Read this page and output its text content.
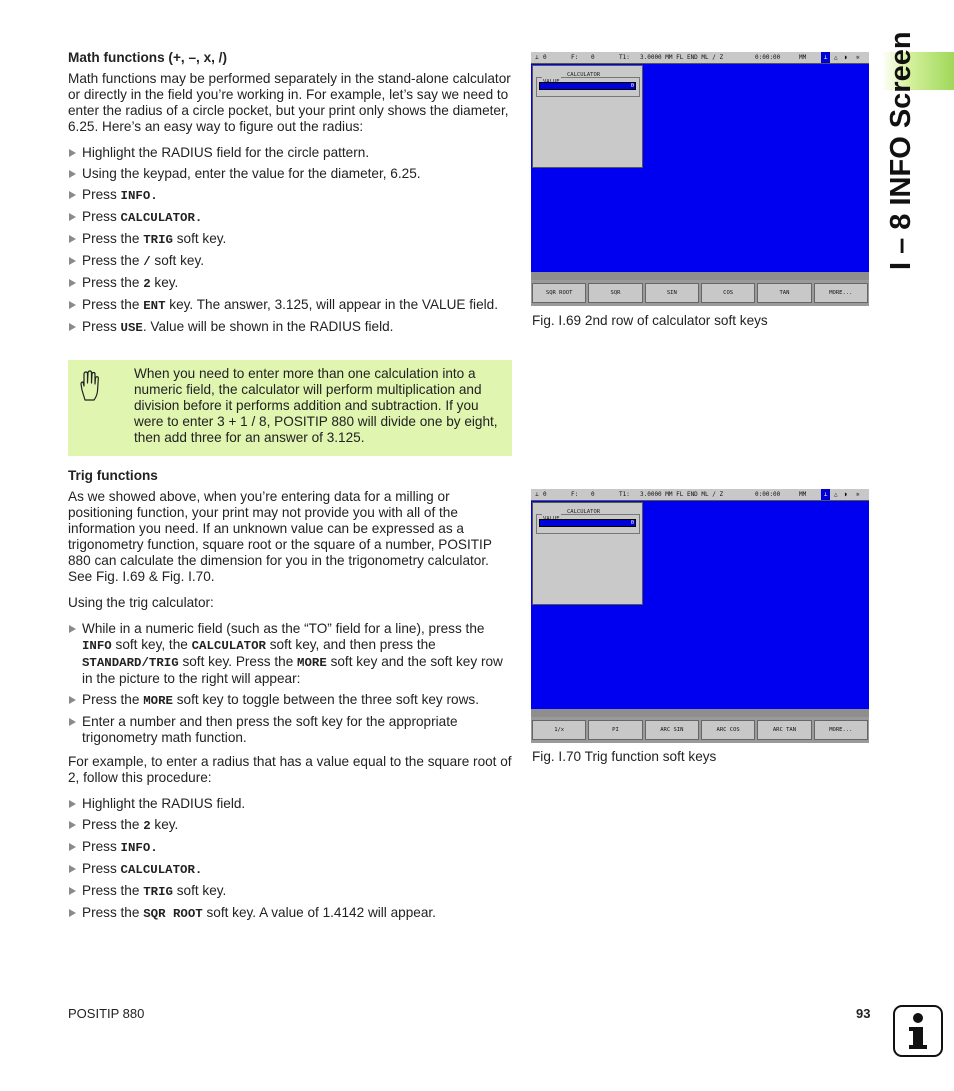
Math functions (+, –, x, /)

Math functions may be performed separately in the stand-alone calculator or directly in the field you’re working in. For example, let’s say we need to enter the radius of a circle pocket, but your print only shows the diameter, 6.25. Here’s an easy way to figure out the radius:

Highlight the RADIUS field for the circle pattern.
Using the keypad, enter the value for the diameter, 6.25.
Press INFO.
Press CALCULATOR.
Press the TRIG soft key.
Press the / soft key.
Press the 2 key.
Press the ENT key. The answer, 3.125, will appear in the VALUE field.
Press USE. Value will be shown in the RADIUS field.
When you need to enter more than one calculation into a numeric field, the calculator will perform multiplication and division before it performs addition and subtraction. If you were to enter 3 + 1 / 8, POSITIP 880 will divide one by eight, then add three for an answer of 3.125.
Trig functions

As we showed above, when you’re entering data for a milling or positioning function, your print may not provide you with all of the information you need. If an unknown value can be expressed as a trigonometry function, square root or the square of a number, POSITIP 880 can calculate the dimension for you in the trigonometry calculator. See Fig. I.69 & Fig. I.70.

Using the trig calculator:

While in a numeric field (such as the “TO” field for a line), press the INFO soft key, the CALCULATOR soft key, and then press the STANDARD/TRIG soft key. Press the MORE soft key and the soft key row in the picture to the right will appear:
Press the MORE soft key to toggle between the three soft key rows.
Enter a number and then press the soft key for the appropriate trigonometry math function.

For example, to enter a radius that has a value equal to the square root of 2, follow this procedure:

Highlight the RADIUS field.
Press the 2 key.
Press INFO.
Press CALCULATOR.
Press the TRIG soft key.
Press the SQR ROOT soft key. A value of 1.4142 will appear.
⊥ 0	F: 0	T1: 3.0000 MM FL END ML / Z	0:00:00	MM	⊥	△ ◗ ✲
CALCULATOR
0
SQR ROOT	SQR	SIN	COS	TAN	MORE...
Fig. I.69 2nd row of calculator soft keys
⊥ 0	F: 0	T1: 3.0000 MM FL END ML / Z	0:00:00	MM	⊥	△ ◗ ✲
CALCULATOR
0
1/x	PI	ARC SIN	ARC COS	ARC TAN	MORE...
Fig. I.70 Trig function soft keys
I – 8 INFO Screen
POSITIP 880	93
